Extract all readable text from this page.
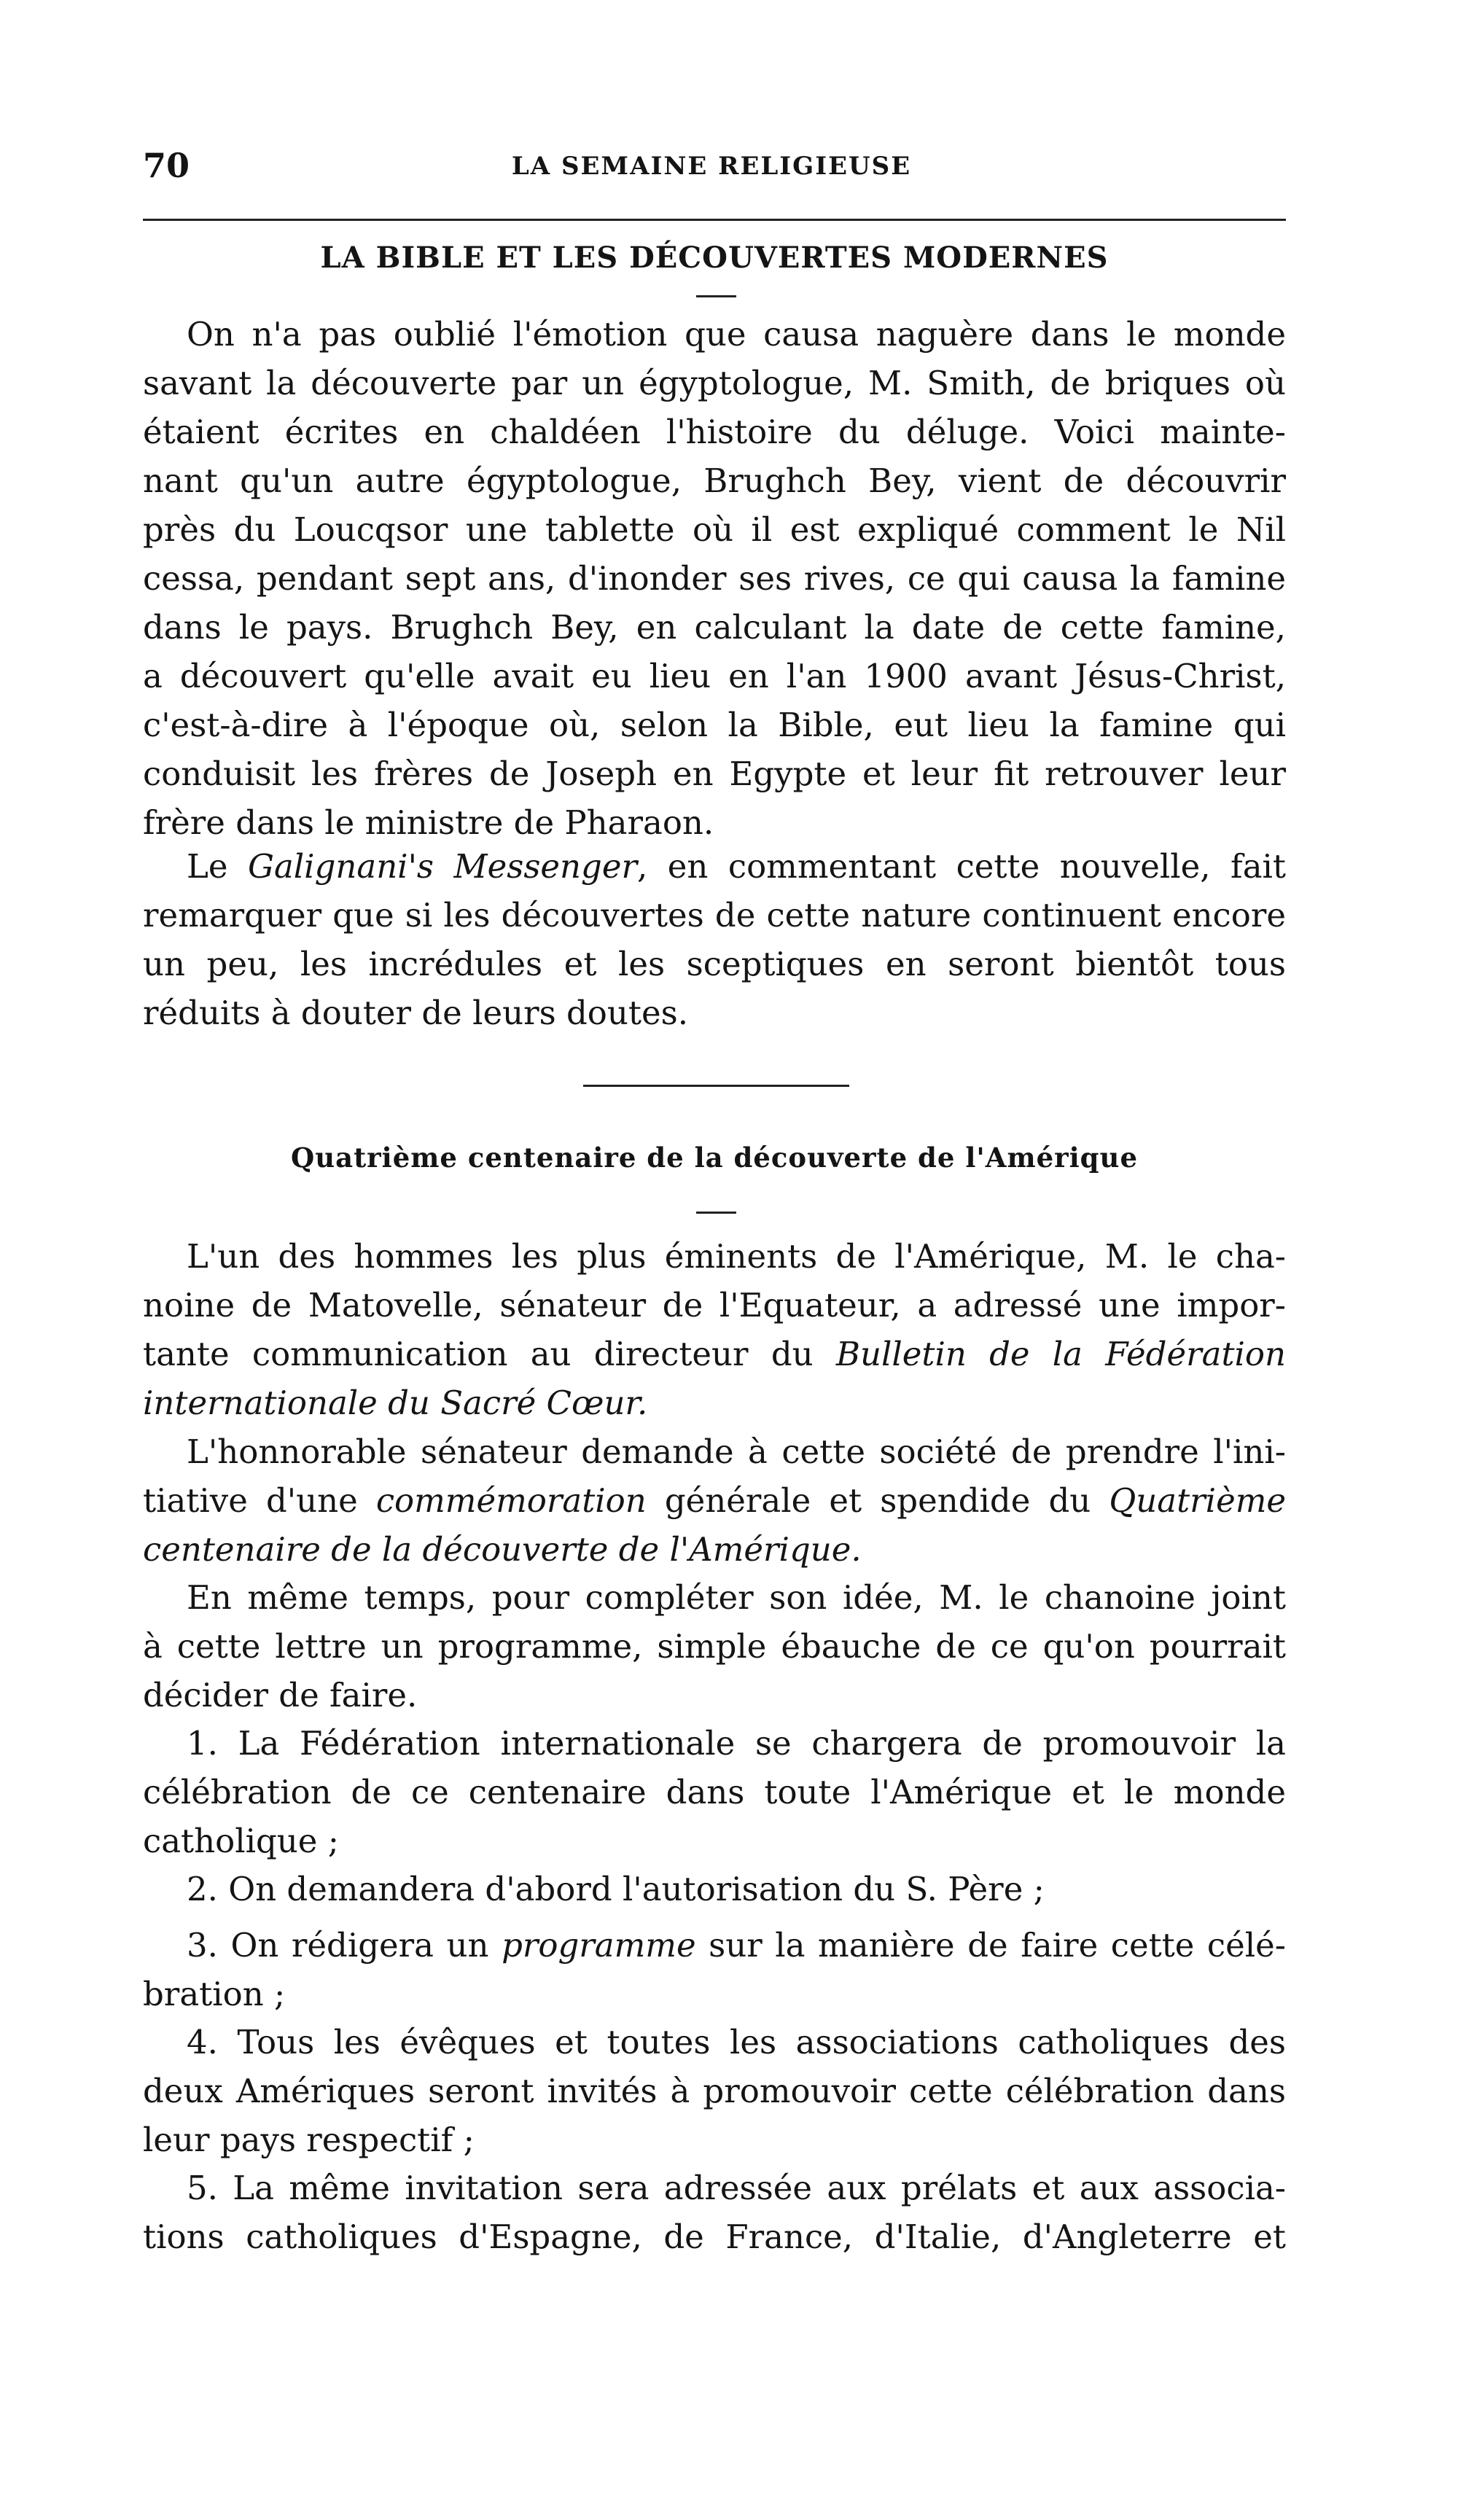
70	LA SEMAINE RELIGIEUSE
LA BIBLE ET LES DÉCOUVERTES MODERNES
On n'a pas oublié l'émotion que causa naguère dans le monde
savant la découverte par un égyptologue, M. Smith, de briques où
étaient écrites en chaldéen l'histoire du déluge. Voici mainte-
nant qu'un autre égyptologue, Brughch Bey, vient de découvrir
près du Loucqsor une tablette où il est expliqué comment le Nil
cessa, pendant sept ans, d'inonder ses rives, ce qui causa la famine
dans le pays. Brughch Bey, en calculant la date de cette famine,
a découvert qu'elle avait eu lieu en l'an 1900 avant Jésus-Christ,
c'est-à-dire à l'époque où, selon la Bible, eut lieu la famine qui
conduisit les frères de Joseph en Egypte et leur fit retrouver leur
frère dans le ministre de Pharaon.
Le Galignani's Messenger, en commentant cette nouvelle, fait
remarquer que si les découvertes de cette nature continuent encore
un peu, les incrédules et les sceptiques en seront bientôt tous
réduits à douter de leurs doutes.
Quatrième centenaire de la découverte de l'Amérique
L'un des hommes les plus éminents de l'Amérique, M. le cha-
noine de Matovelle, sénateur de l'Equateur, a adressé une impor-
tante communication au directeur du Bulletin de la Fédération
internationale du Sacré Cœur.
L'honnorable sénateur demande à cette société de prendre l'ini-
tiative d'une commémoration générale et spendide du Quatrième
centenaire de la découverte de l'Amérique.
En même temps, pour compléter son idée, M. le chanoine joint
à cette lettre un programme, simple ébauche de ce qu'on pourrait
décider de faire.
1. La Fédération internationale se chargera de promouvoir la
célébration de ce centenaire dans toute l'Amérique et le monde
catholique ;
2. On demandera d'abord l'autorisation du S. Père ;
3. On rédigera un programme sur la manière de faire cette célé-
bration ;
4. Tous les évêques et toutes les associations catholiques des
deux Amériques seront invités à promouvoir cette célébration dans
leur pays respectif ;
5. La même invitation sera adressée aux prélats et aux associa-
tions catholiques d'Espagne, de France, d'Italie, d'Angleterre et
